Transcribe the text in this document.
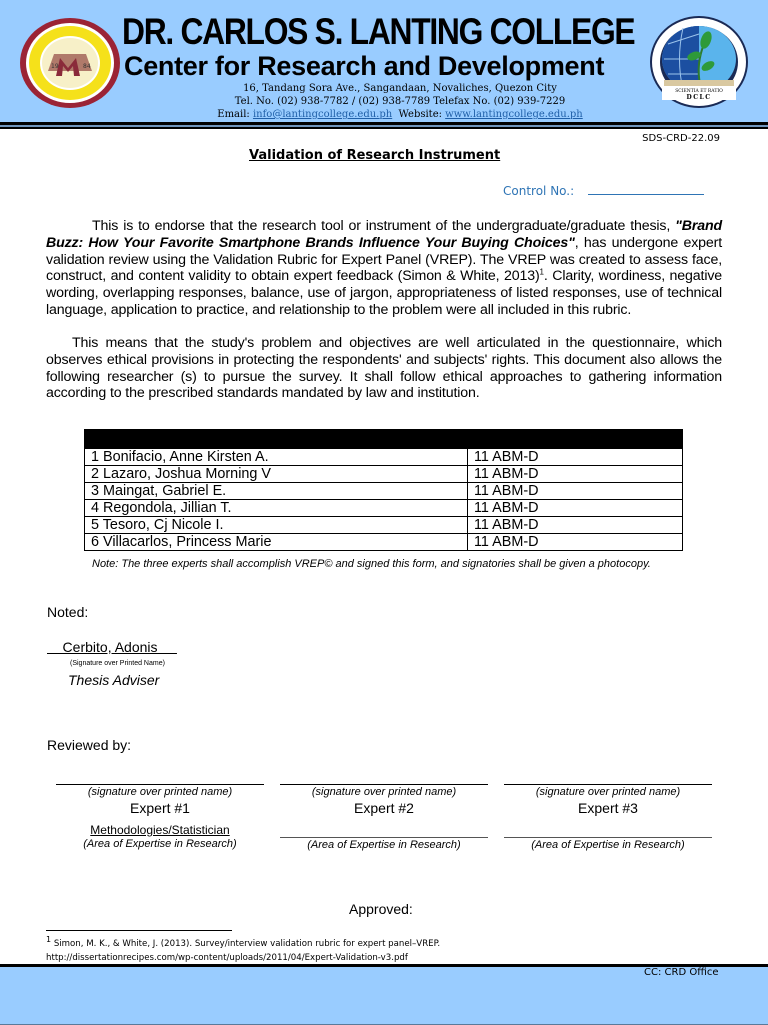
19	84
DR. CARLOS S. LANTING COLLEGE
Center for Research and Development
16, Tandang Sora Ave., Sangandaan, Novaliches, Quezon City
Tel. No. (02) 938-7782 / (02) 938-7789 Telefax No. (02) 939-7229
Email: info@lantingcollege.edu.ph  Website: www.lantingcollege.edu.ph
SCIENTIA ET RATIO
DCLC
SDS-CRD-22.09
Validation of Research Instrument
Control No.:

This is to endorse that the research tool or instrument of the undergraduate/graduate thesis, "Brand Buzz: How Your Favorite Smartphone Brands Influence Your Buying Choices", has undergone expert validation review using the Validation Rubric for Expert Panel (VREP). The VREP was created to assess face, construct, and content validity to obtain expert feedback (Simon & White, 2013)$^1$. Clarity, wordiness, negative wording, overlapping responses, balance, use of jargon, appropriateness of listed responses, use of technical language, application to practice, and relationship to the problem were all included in this rubric.

This means that the study's problem and objectives are well articulated in the questionnaire, which observes ethical provisions in protecting the respondents' and subjects' rights. This document also allows the following researcher (s) to pursue the survey. It shall follow ethical approaches to gathering information according to the prescribed standards mandated by law and institution.

1 Bonifacio, Anne Kirsten A.	11 ABM-D
2 Lazaro, Joshua Morning V	11 ABM-D
3 Maingat, Gabriel E.	11 ABM-D
4 Regondola, Jillian T.	11 ABM-D
5 Tesoro, Cj Nicole I.	11 ABM-D
6 Villacarlos, Princess Marie	11 ABM-D
Note: The three experts shall accomplish VREP© and signed this form, and signatories shall be given a photocopy.
Noted:
Cerbito, Adonis
(Signature over Printed Name)
Thesis Adviser
Reviewed by:
(signature over printed name)
Expert #1
Methodologies/Statistician
(Area of Expertise in Research)
(signature over printed name)
Expert #2
(Area of Expertise in Research)
(signature over printed name)
Expert #3
(Area of Expertise in Research)
Approved:
$^1$ Simon, M. K., & White, J. (2013). Survey/interview validation rubric for expert panel–VREP.
http://dissertationrecipes.com/wp-content/uploads/2011/04/Expert-Validation-v3.pdf
CC: CRD Office
